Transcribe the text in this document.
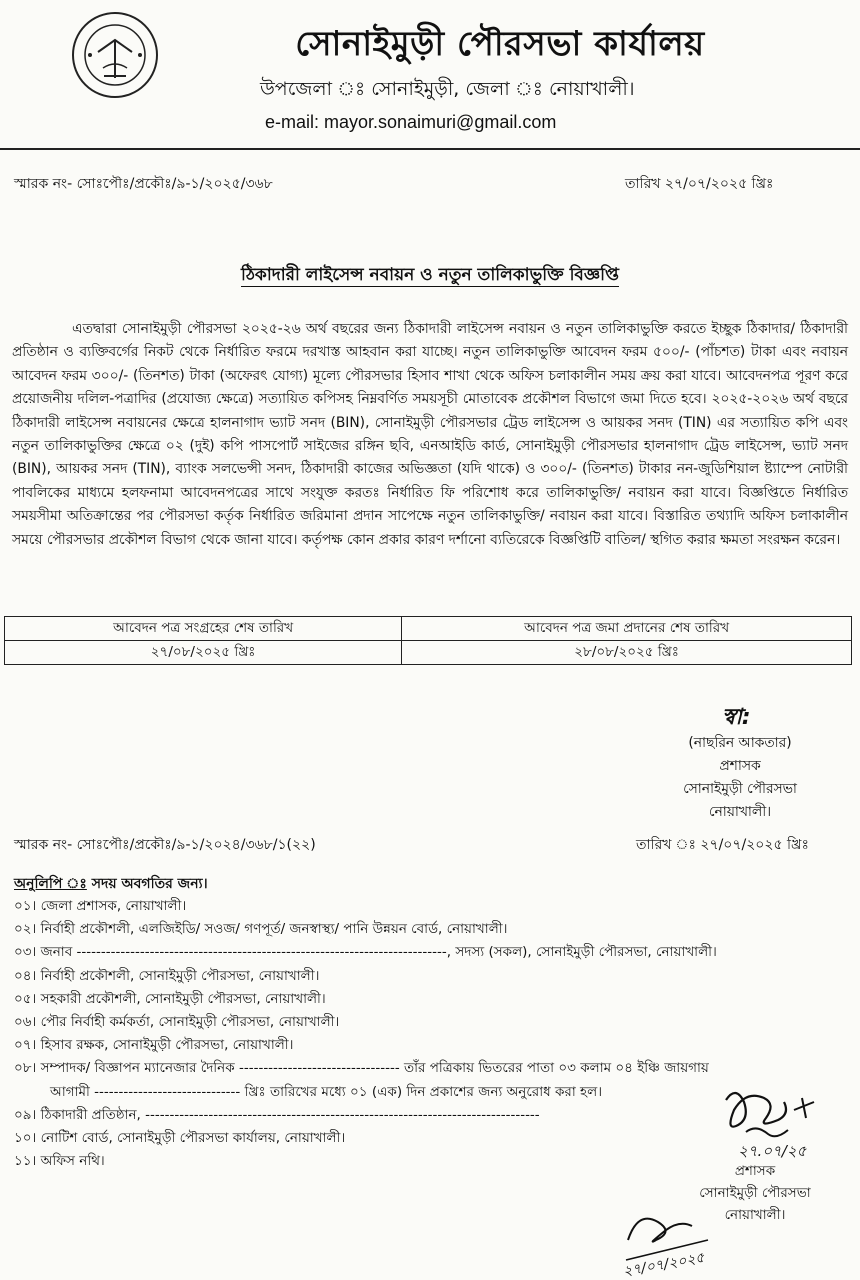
সোনাইমুড়ী পৌরসভা কার্যালয়
উপজেলা ঃ সোনাইমুড়ী, জেলা ঃ নোয়াখালী।
e-mail: mayor.sonaimuri@gmail.com
স্মারক নং- সোঃপৌঃ/প্রকৌঃ/৯-১/২০২৫/৩৬৮	তারিখ ২৭/০৭/২০২৫ খ্রিঃ
ঠিকাদারী লাইসেন্স নবায়ন ও নতুন তালিকাভুক্তি বিজ্ঞপ্তি

এতদ্বারা সোনাইমুড়ী পৌরসভা ২০২৫-২৬ অর্থ বছরের জন্য ঠিকাদারী লাইসেন্স নবায়ন ও নতুন তালিকাভুক্তি করতে ইচ্ছুক ঠিকাদার/ ঠিকাদারী প্রতিষ্ঠান ও ব্যক্তিবর্গের নিকট থেকে নির্ধারিত ফরমে দরখাস্ত আহবান করা যাচ্ছে। নতুন তালিকাভুক্তি আবেদন ফরম ৫০০/- (পাঁচশত) টাকা এবং নবায়ন আবেদন ফরম ৩০০/- (তিনশত) টাকা (অফেরৎ যোগ্য) মূল্যে পৌরসভার হিসাব শাখা থেকে অফিস চলাকালীন সময় ক্রয় করা যাবে। আবেদনপত্র পূরণ করে প্রয়োজনীয় দলিল-পত্রাদির (প্রযোজ্য ক্ষেত্রে) সত্যায়িত কপিসহ নিম্নবর্ণিত সময়সূচী মোতাবেক প্রকৌশল বিভাগে জমা দিতে হবে। ২০২৫-২০২৬ অর্থ বছরে ঠিকাদারী লাইসেন্স নবায়নের ক্ষেত্রে হালনাগাদ ভ্যাট সনদ (BIN), সোনাইমুড়ী পৌরসভার ট্রেড লাইসেন্স ও আয়কর সনদ (TIN) এর সত্যায়িত কপি এবং নতুন তালিকাভুক্তির ক্ষেত্রে ০২ (দুই) কপি পাসপোর্ট সাইজের রঙ্গিন ছবি, এনআইডি কার্ড, সোনাইমুড়ী পৌরসভার হালনাগাদ ট্রেড লাইসেন্স, ভ্যাট সনদ (BIN), আয়কর সনদ (TIN), ব্যাংক সলভেন্সী সনদ, ঠিকাদারী কাজের অভিজ্ঞতা (যদি থাকে) ও ৩০০/- (তিনশত) টাকার নন-জুডিশিয়াল ষ্ট্যাম্পে নোটারী পাবলিকের মাধ্যমে হলফনামা আবেদনপত্রের সাথে সংযুক্ত করতঃ নির্ধারিত ফি পরিশোধ করে তালিকাভুক্তি/ নবায়ন করা যাবে। বিজ্ঞপ্তিতে নির্ধারিত সময়সীমা অতিক্রান্তের পর পৌরসভা কর্তৃক নির্ধারিত জরিমানা প্রদান সাপেক্ষে নতুন তালিকাভুক্তি/ নবায়ন করা যাবে। বিস্তারিত তথ্যাদি অফিস চলাকালীন সময়ে পৌরসভার প্রকৌশল বিভাগ থেকে জানা যাবে। কর্তৃপক্ষ কোন প্রকার কারণ দর্শানো ব্যতিরেকে বিজ্ঞপ্তিটি বাতিল/ স্থগিত করার ক্ষমতা সংরক্ষন করেন।

আবেদন পত্র সংগ্রহের শেষ তারিখ	আবেদন পত্র জমা প্রদানের শেষ তারিখ
২৭/০৮/২০২৫ খ্রিঃ	২৮/০৮/২০২৫ খ্রিঃ
স্বা:
(নাছরিন আকতার)
প্রশাসক
সোনাইমুড়ী পৌরসভা
নোয়াখালী।
স্মারক নং- সোঃপৌঃ/প্রকৌঃ/৯-১/২০২৪/৩৬৮/১(২২)	তারিখ ঃ ২৭/০৭/২০২৫ খ্রিঃ
অনুলিপি ঃ সদয় অবগতির জন্য।
০১। জেলা প্রশাসক, নোয়াখালী।
০২। নির্বাহী প্রকৌশলী, এলজিইডি/ সওজ/ গণপূর্ত/ জনস্বাস্থ্য/ পানি উন্নয়ন বোর্ড, নোয়াখালী।
০৩। জনাব ----------------------------------------------------------------------------, সদস্য (সকল), সোনাইমুড়ী পৌরসভা, নোয়াখালী।
০৪। নির্বাহী প্রকৌশলী, সোনাইমুড়ী পৌরসভা, নোয়াখালী।
০৫। সহকারী প্রকৌশলী, সোনাইমুড়ী পৌরসভা, নোয়াখালী।
০৬। পৌর নির্বাহী কর্মকর্তা, সোনাইমুড়ী পৌরসভা, নোয়াখালী।
০৭। হিসাব রক্ষক, সোনাইমুড়ী পৌরসভা, নোয়াখালী।
০৮। সম্পাদক/ বিজ্ঞাপন ম্যানেজার দৈনিক --------------------------------- তাঁর পত্রিকায় ভিতরের পাতা ০৩ কলাম ০৪ ইঞ্চি জায়গায়
আগামী ------------------------------ খ্রিঃ তারিখের মধ্যে ০১ (এক) দিন প্রকাশের জন্য অনুরোধ করা হল।
০৯। ঠিকাদারী প্রতিষ্ঠান, ---------------------------------------------------------------------------------
১০। নোটিশ বোর্ড, সোনাইমুড়ী পৌরসভা কার্যালয়, নোয়াখালী।
১১। অফিস নথি।
২৭.০৭/২৫
প্রশাসক
সোনাইমুড়ী পৌরসভা
নোয়াখালী।
২৭/০৭/২০২৫
